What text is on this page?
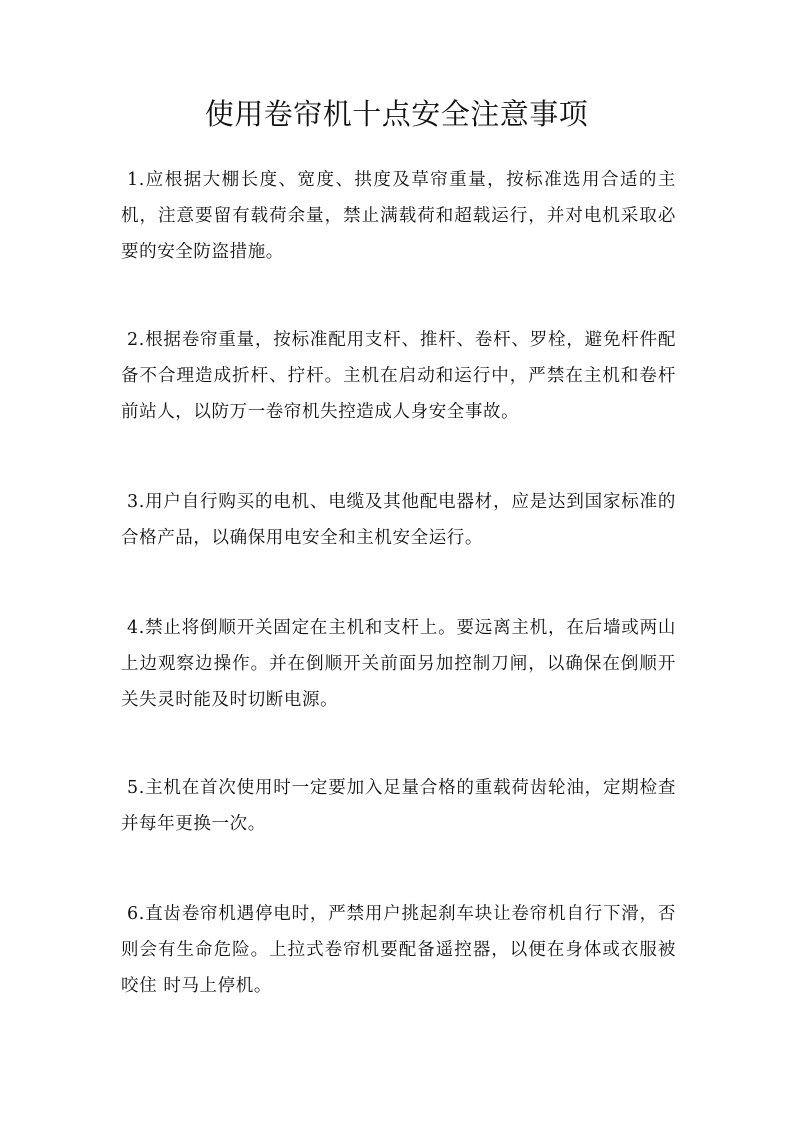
使用卷帘机十点安全注意事项

1.应根据大棚长度、宽度、拱度及草帘重量，按标准选用合适的主机，注意要留有载荷余量，禁止满载荷和超载运行，并对电机采取必要的安全防盗措施。

2.根据卷帘重量，按标准配用支杆、推杆、卷杆、罗栓，避免杆件配备不合理造成折杆、拧杆。主机在启动和运行中，严禁在主机和卷杆前站人，以防万一卷帘机失控造成人身安全事故。

3.用户自行购买的电机、电缆及其他配电器材，应是达到国家标准的合格产品，以确保用电安全和主机安全运行。

4.禁止将倒顺开关固定在主机和支杆上。要远离主机，在后墙或两山上边观察边操作。并在倒顺开关前面另加控制刀闸，以确保在倒顺开关失灵时能及时切断电源。

5.主机在首次使用时一定要加入足量合格的重载荷齿轮油，定期检查并每年更换一次。

6.直齿卷帘机遇停电时，严禁用户挑起刹车块让卷帘机自行下滑，否则会有生命危险。上拉式卷帘机要配备遥控器，以便在身体或衣服被 咬住 时马上停机。
